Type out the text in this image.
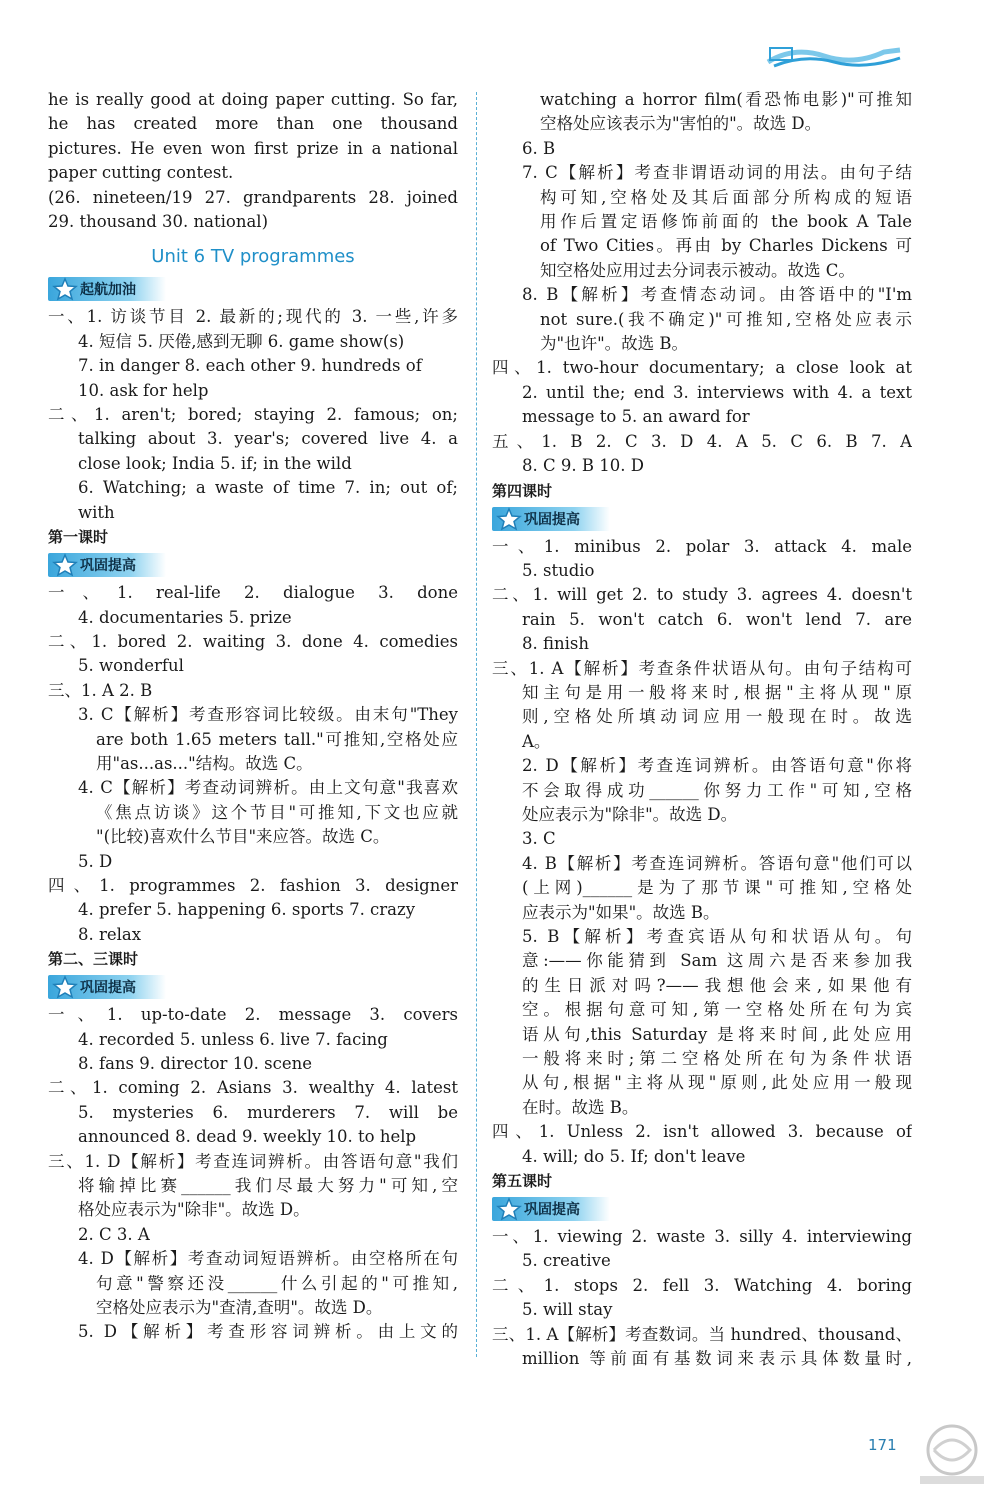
he is really good at doing paper cutting. So far,
he has created more than one thousand
pictures. He even won first prize in a national
paper cutting contest.
(26. nineteen/19 27. grandparents 28. joined
29. thousand 30. national)
Unit 6 TV programmes
起航加油
一、1. 访谈节目 2. 最新的;现代的 3. 一些,许多
4. 短信 5. 厌倦,感到无聊 6. game show(s)
7. in danger 8. each other 9. hundreds of
10. ask for help
二、1. aren't; bored; staying 2. famous; on;
talking about 3. year's; covered live 4. a
close look; India 5. if; in the wild
6. Watching; a waste of time 7. in; out of;
with
第一课时
巩固提高
一、1. real-life 2. dialogue 3. done
4. documentaries 5. prize
二、1. bored 2. waiting 3. done 4. comedies
5. wonderful
三、1. A 2. B
3. C【解析】考查形容词比较级。由末句"They
are both 1.65 meters tall."可推知,空格处应
用"as...as..."结构。故选 C。
4. C【解析】考查动词辨析。由上文句意"我喜欢
《焦点访谈》这个节目"可推知,下文也应就
"(比较)喜欢什么节目"来应答。故选 C。
5. D
四、1. programmes 2. fashion 3. designer
4. prefer 5. happening 6. sports 7. crazy
8. relax
第二、三课时
巩固提高
一、1. up-to-date 2. message 3. covers
4. recorded 5. unless 6. live 7. facing
8. fans 9. director 10. scene
二、1. coming 2. Asians 3. wealthy 4. latest
5. mysteries 6. murderers 7. will be
announced 8. dead 9. weekly 10. to help
三、1. D【解析】考查连词辨析。由答语句意"我们
将输掉比赛______我们尽最大努力"可知,空
格处应表示为"除非"。故选 D。
2. C 3. A
4. D【解析】考查动词短语辨析。由空格所在句
句意"警察还没______什么引起的"可推知,
空格处应表示为"查清,查明"。故选 D。
5. D【解析】考查形容词辨析。由上文的
watching a horror film(看恐怖电影)"可推知
空格处应该表示为"害怕的"。故选 D。
6. B
7. C【解析】考查非谓语动词的用法。由句子结
构可知,空格处及其后面部分所构成的短语
用作后置定语修饰前面的 the book A Tale
of Two Cities。再由 by Charles Dickens 可
知空格处应用过去分词表示被动。故选 C。
8. B【解析】考查情态动词。由答语中的"I'm
not sure.(我不确定)"可推知,空格处应表示
为"也许"。故选 B。
四、1. two-hour documentary; a close look at
2. until the; end 3. interviews with 4. a text
message to 5. an award for
五、1. B 2. C 3. D 4. A 5. C 6. B 7. A
8. C 9. B 10. D
第四课时
巩固提高
一、1. minibus 2. polar 3. attack 4. male
5. studio
二、1. will get 2. to study 3. agrees 4. doesn't
rain 5. won't catch 6. won't lend 7. are
8. finish
三、1. A【解析】考查条件状语从句。由句子结构可
知主句是用一般将来时,根据"主将从现"原
则,空格处所填动词应用一般现在时。故选
A。
2. D【解析】考查连词辨析。由答语句意"你将
不会取得成功______你努力工作"可知,空格
处应表示为"除非"。故选 D。
3. C
4. B【解析】考查连词辨析。答语句意"他们可以
(上网)______是为了那节课"可推知,空格处
应表示为"如果"。故选 B。
5. B【解析】考查宾语从句和状语从句。句
意:——你能猜到 Sam 这周六是否来参加我
的生日派对吗?——我想他会来,如果他有
空。根据句意可知,第一空格处所在句为宾
语从句,this Saturday 是将来时间,此处应用
一般将来时;第二空格处所在句为条件状语
从句,根据"主将从现"原则,此处应用一般现
在时。故选 B。
四、1. Unless 2. isn't allowed 3. because of
4. will; do 5. If; don't leave
第五课时
巩固提高
一、1. viewing 2. waste 3. silly 4. interviewing
5. creative
二、1. stops 2. fell 3. Watching 4. boring
5. will stay
三、1. A【解析】考查数词。当 hundred、thousand、
million 等前面有基数词来表示具体数量时,
171
